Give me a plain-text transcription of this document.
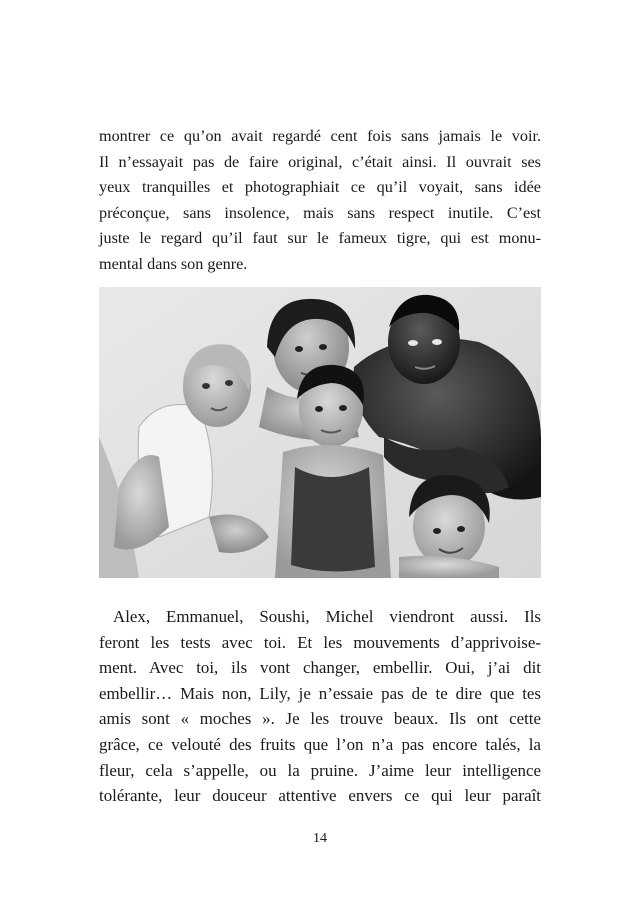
montrer ce qu’on avait regardé cent fois sans jamais le voir.
Il n’essayait pas de faire original, c’était ainsi. Il ouvrait ses
yeux tranquilles et photographiait ce qu’il voyait, sans idée
préconçue, sans insolence, mais sans respect inutile. C’est
juste le regard qu’il faut sur le fameux tigre, qui est monu-
mental dans son genre.
Alex, Emmanuel, Soushi, Michel viendront aussi. Ils
feront les tests avec toi. Et les mouvements d’apprivoise-
ment. Avec toi, ils vont changer, embellir. Oui, j’ai dit
embellir… Mais non, Lily, je n’essaie pas de te dire que tes
amis sont « moches ». Je les trouve beaux. Ils ont cette
grâce, ce velouté des fruits que l’on n’a pas encore talés, la
fleur, cela s’appelle, ou la pruine. J’aime leur intelligence
tolérante, leur douceur attentive envers ce qui leur paraît
14
